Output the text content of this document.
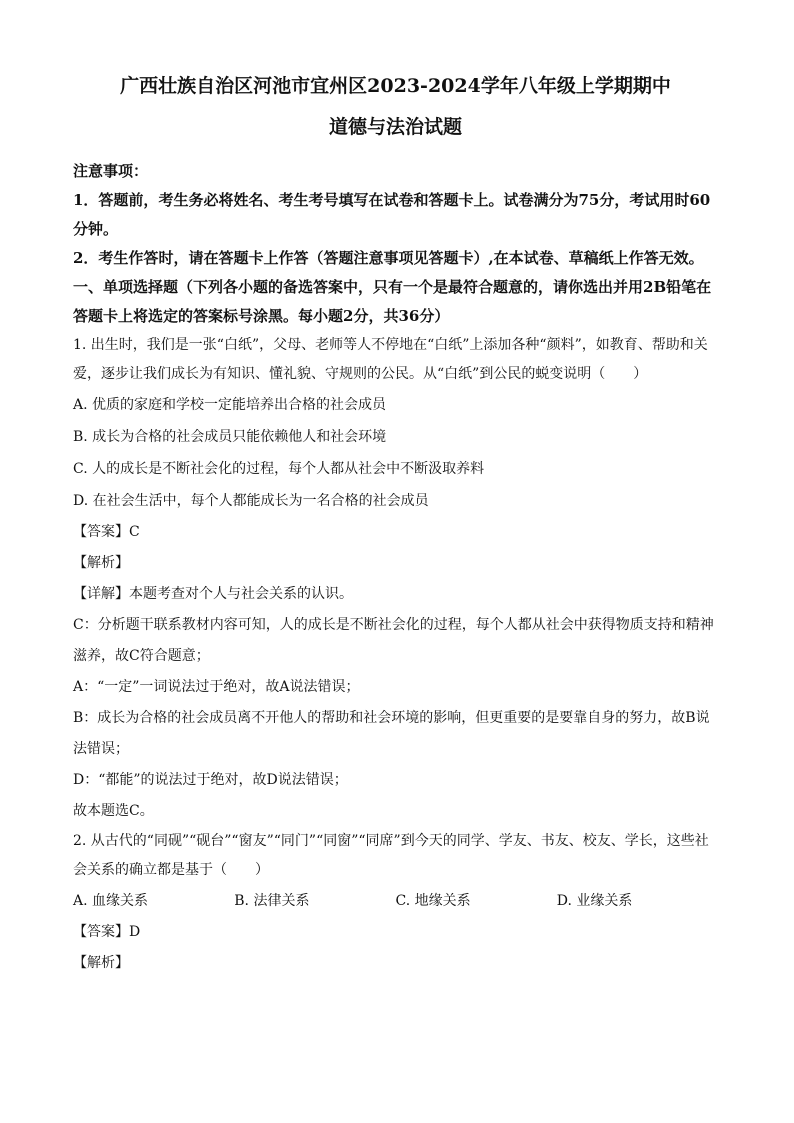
广西壮族自治区河池市宜州区2023-2024学年八年级上学期期中
道德与法治试题
注意事项：
1．答题前，考生务必将姓名、考生考号填写在试卷和答题卡上。试卷满分为75分，考试用时60分钟。
2．考生作答时，请在答题卡上作答（答题注意事项见答题卡）,在本试卷、草稿纸上作答无效。
一、单项选择题（下列各小题的备选答案中，只有一个是最符合题意的，请你选出并用2B铅笔在答题卡上将选定的答案标号涂黑。每小题2分，共36分）
1. 出生时，我们是一张“白纸”，父母、老师等人不停地在“白纸”上添加各种“颜料”，如教育、帮助和关爱，逐步让我们成长为有知识、懂礼貌、守规则的公民。从“白纸”到公民的蜕变说明（　　）
A. 优质的家庭和学校一定能培养出合格的社会成员
B. 成长为合格的社会成员只能依赖他人和社会环境
C. 人的成长是不断社会化的过程，每个人都从社会中不断汲取养料
D. 在社会生活中，每个人都能成长为一名合格的社会成员
【答案】C
【解析】
【详解】本题考查对个人与社会关系的认识。
C：分析题干联系教材内容可知，人的成长是不断社会化的过程，每个人都从社会中获得物质支持和精神滋养，故C符合题意；
A：“一定”一词说法过于绝对，故A说法错误；
B：成长为合格的社会成员离不开他人的帮助和社会环境的影响，但更重要的是要靠自身的努力，故B说法错误；
D：“都能”的说法过于绝对，故D说法错误；
故本题选C。
2. 从古代的“同砚”“砚台”“窗友”“同门”“同窗”“同席”到今天的同学、学友、书友、校友、学长，这些社会关系的确立都是基于（　　）
A. 血缘关系	B. 法律关系	C. 地缘关系	D. 业缘关系
【答案】D
【解析】
